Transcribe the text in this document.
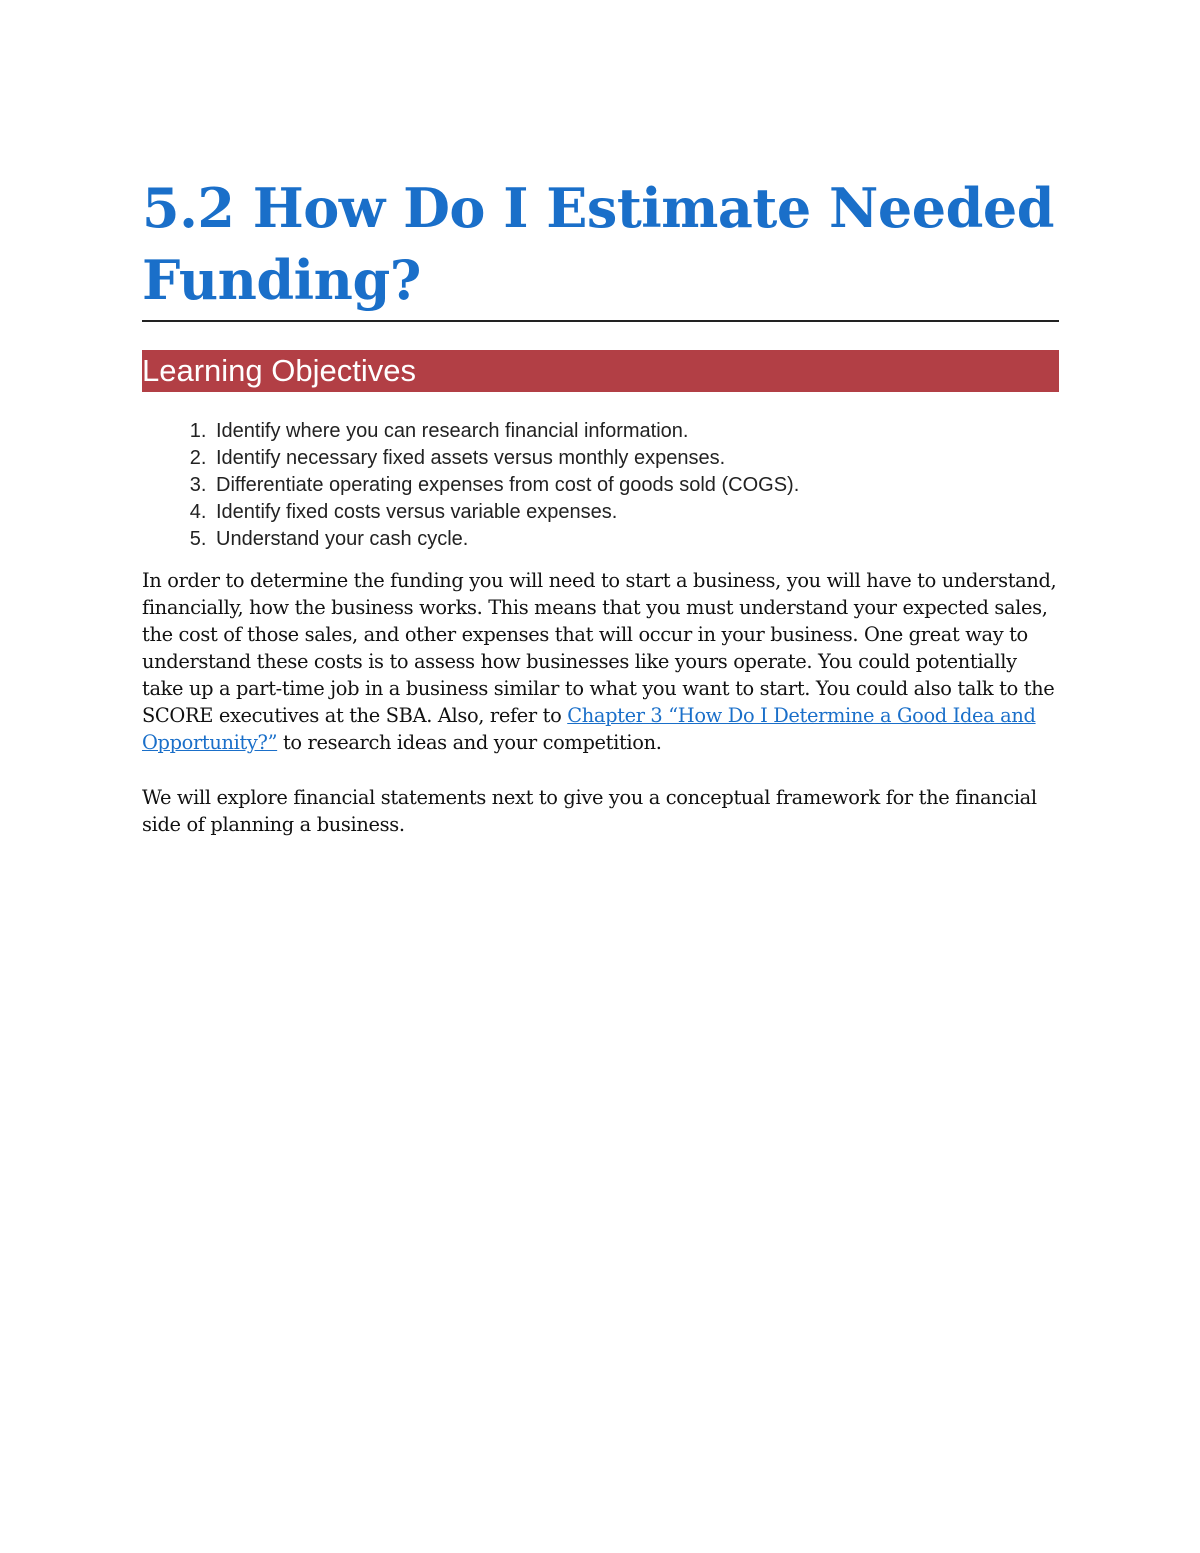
5.2 How Do I Estimate Needed Funding?
Learning Objectives
1. Identify where you can research financial information.
2. Identify necessary fixed assets versus monthly expenses.
3. Differentiate operating expenses from cost of goods sold (COGS).
4. Identify fixed costs versus variable expenses.
5. Understand your cash cycle.

In order to determine the funding you will need to start a business, you will have to understand, financially, how the business works. This means that you must understand your expected sales, the cost of those sales, and other expenses that will occur in your business. One great way to understand these costs is to assess how businesses like yours operate. You could potentially take up a part-time job in a business similar to what you want to start. You could also talk to the SCORE executives at the SBA. Also, refer to Chapter 3 “How Do I Determine a Good Idea and Opportunity?” to research ideas and your competition.

We will explore financial statements next to give you a conceptual framework for the financial side of planning a business.
